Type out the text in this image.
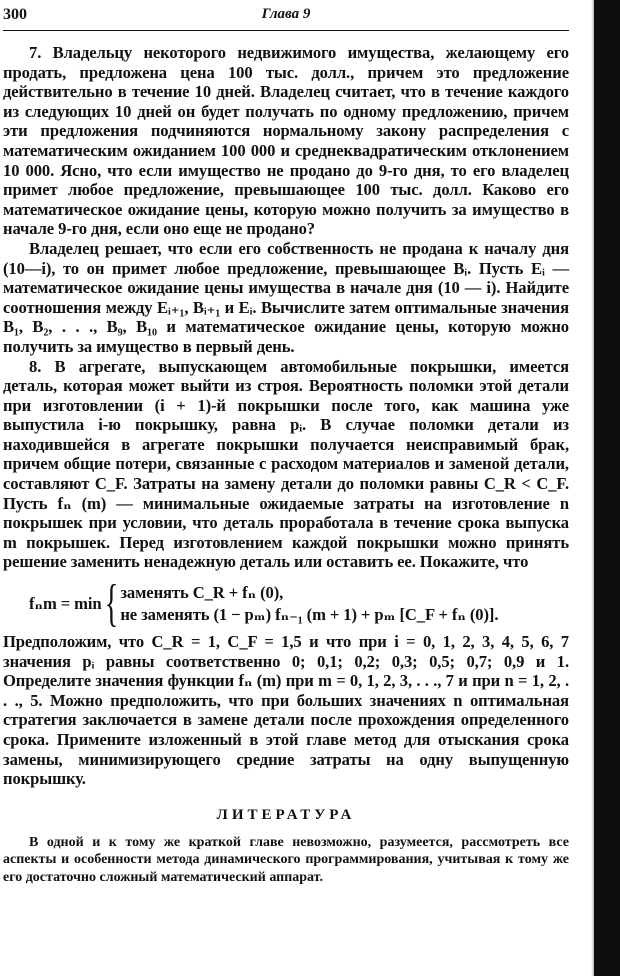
300	Глава 9

7. Владельцу некоторого недвижимого имущества, желающему его продать, предложена цена 100 тыс. долл., причем это предложение действительно в течение 10 дней. Владелец считает, что в течение каждого из следующих 10 дней он будет получать по одному предложению, причем эти предложения подчиняются нормальному закону распределения с математическим ожиданием 100 000 и среднеквадратическим отклонением 10 000. Ясно, что если имущество не продано до 9-го дня, то его владелец примет любое предложение, превышающее 100 тыс. долл. Каково его математическое ожидание цены, которую можно получить за имущество в начале 9-го дня, если оно еще не продано?

Владелец решает, что если его собственность не продана к началу дня (10—i), то он примет любое предложение, превышающее Bᵢ. Пусть Eᵢ — математическое ожидание цены имущества в начале дня (10 — i). Найдите соотношения между Eᵢ₊₁, Bᵢ₊₁ и Eᵢ. Вычислите затем оптимальные значения B₁, B₂, . . ., B₉, B₁₀ и математическое ожидание цены, которую можно получить за имущество в первый день.

8. В агрегате, выпускающем автомобильные покрышки, имеется деталь, которая может выйти из строя. Вероятность поломки этой детали при изготовлении (i + 1)-й покрышки после того, как машина уже выпустила i-ю покрышку, равна pᵢ. В случае поломки детали из находившейся в агрегате покрышки получается неисправимый брак, причем общие потери, связанные с расходом материалов и заменой детали, составляют C_F. Затраты на замену детали до поломки равны C_R < C_F. Пусть fₙ (m) — минимальные ожидаемые затраты на изготовление n покрышек при условии, что деталь проработала в течение срока выпуска m покрышек. Перед изготовлением каждой покрышки можно принять решение заменить ненадежную деталь или оставить ее. Покажите, что

fₙm = min { заменять C_R + fₙ (0),
не заменять (1 − pₘ) fₙ₋₁ (m + 1) + pₘ [C_F + fₙ (0)].

Предположим, что C_R = 1, C_F = 1,5 и что при i = 0, 1, 2, 3, 4, 5, 6, 7 значения pᵢ равны соответственно 0; 0,1; 0,2; 0,3; 0,5; 0,7; 0,9 и 1. Определите значения функции fₙ (m) при m = 0, 1, 2, 3, . . ., 7 и при n = 1, 2, . . ., 5. Можно предположить, что при больших значениях n оптимальная стратегия заключается в замене детали после прохождения определенного срока. Примените изложенный в этой главе метод для отыскания срока замены, минимизирующего средние затраты на одну выпущенную покрышку.

ЛИТЕРАТУРА

В одной и к тому же краткой главе невозможно, разумеется, рассмотреть все аспекты и особенности метода динамического программирования, учитывая к тому же его достаточно сложный математический аппарат.
